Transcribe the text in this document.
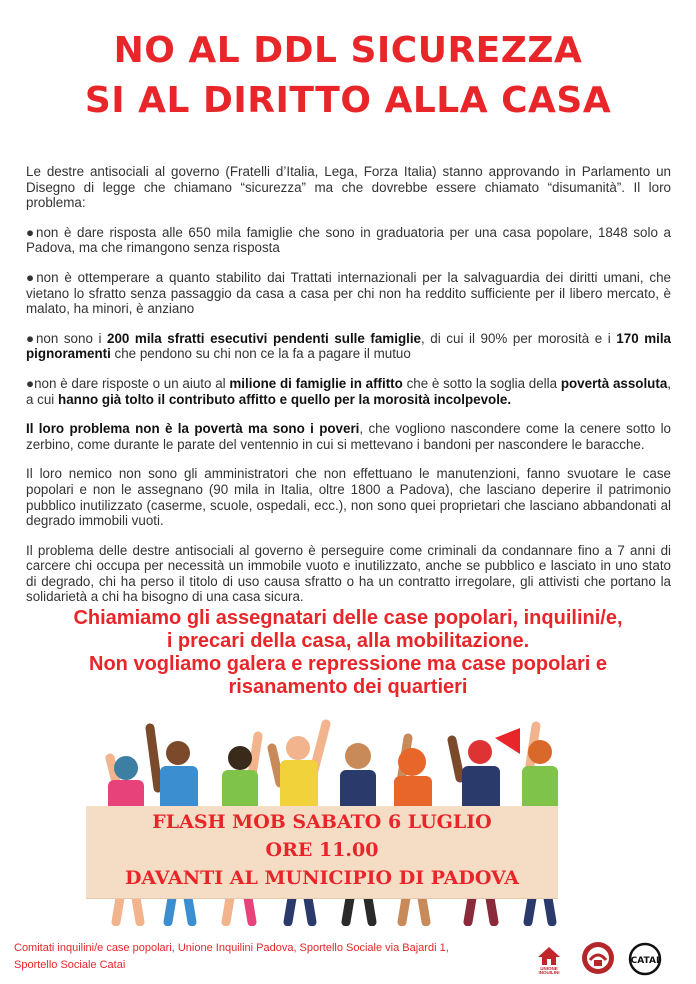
NO AL DDL SICUREZZA
SI AL DIRITTO ALLA CASA

Le destre antisociali al governo (Fratelli d’Italia, Lega, Forza Italia) stanno approvando in Parlamento un Disegno di legge che chiamano “sicurezza” ma che dovrebbe essere chiamato “disumanità”. Il loro problema:

●non è dare risposta alle 650 mila famiglie che sono in graduatoria per una casa popolare, 1848 solo a Padova, ma che rimangono senza risposta

●non è ottemperare a quanto stabilito dai Trattati internazionali per la salvaguardia dei diritti umani, che vietano lo sfratto senza passaggio da casa a casa per chi non ha reddito sufficiente per il libero mercato, è malato, ha minori, è anziano

●non sono i 200 mila sfratti esecutivi pendenti sulle famiglie, di cui il 90% per morosità e i 170 mila pignoramenti che pendono su chi non ce la fa a pagare il mutuo

●non è dare risposte o un aiuto al milione di famiglie in affitto che è sotto la soglia della povertà assoluta, a cui hanno già tolto il contributo affitto e quello per la morosità incolpevole.

Il loro problema non è la povertà ma sono i poveri, che vogliono nascondere come la cenere sotto lo zerbino, come durante le parate del ventennio in cui si mettevano i bandoni per nascondere le baracche.

Il loro nemico non sono gli amministratori che non effettuano le manutenzioni, fanno svuotare le case popolari e non le assegnano (90 mila in Italia, oltre 1800 a Padova), che lasciano deperire il patrimonio pubblico inutilizzato (caserme, scuole, ospedali, ecc.), non sono quei proprietari che lasciano abbandonati al degrado immobili vuoti.

Il problema delle destre antisociali al governo è perseguire come criminali da condannare fino a 7 anni di carcere chi occupa per necessità un immobile vuoto e inutilizzato, anche se pubblico e lasciato in uno stato di degrado, chi ha perso il titolo di uso causa sfratto o ha un contratto irregolare, gli attivisti che portano la solidarietà a chi ha bisogno di una casa sicura.

Chiamiamo gli assegnatari delle case popolari, inquilini/e,
i precari della casa, alla mobilitazione.
Non vogliamo galera e repressione ma case popolari e
risanamento dei quartieri
FLASH MOB SABATO 6 LUGLIO
ORE 11.00
DAVANTI AL MUNICIPIO DI PADOVA
Comitati inquilini/e case popolari, Unione Inquilini Padova, Sportello Sociale via Bajardi 1,
Sportello Sociale Catai	UNIONE
INQUILINI
CATAI
